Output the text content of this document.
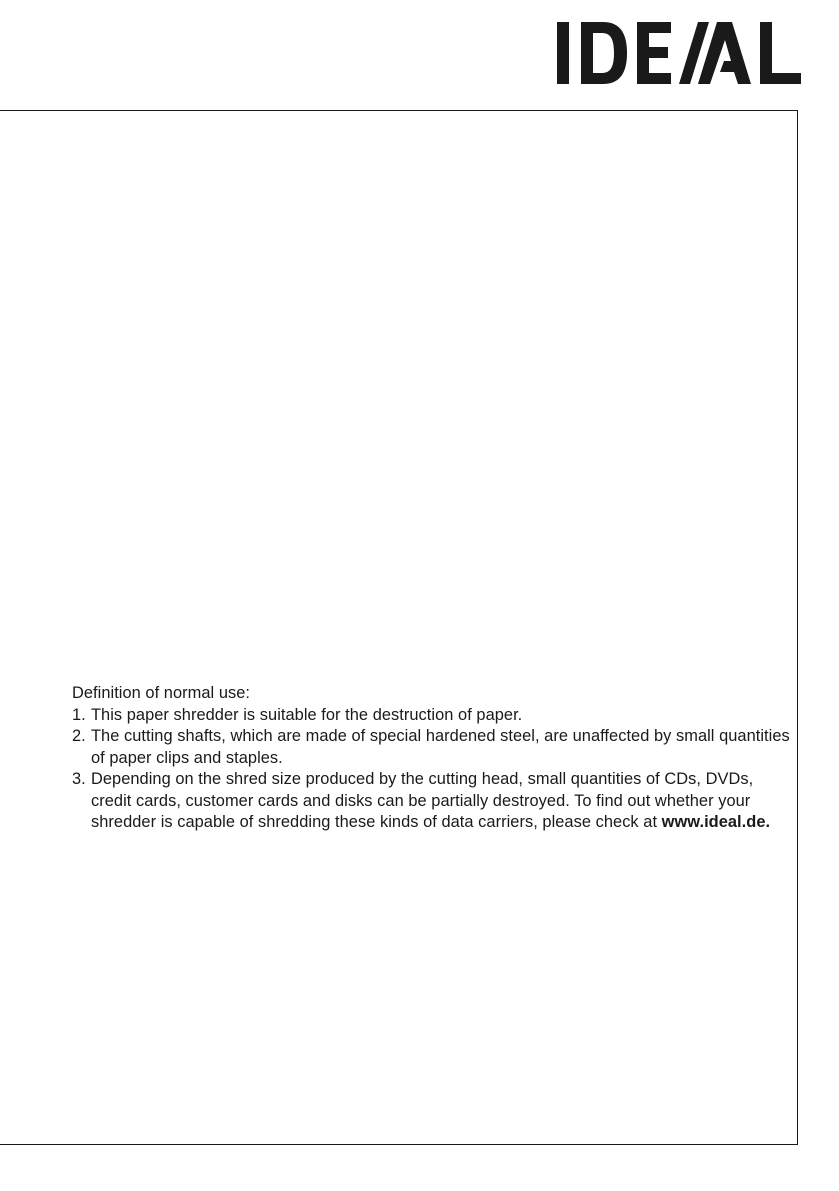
Definition of normal use:

1. This paper shredder is suitable for the destruction of paper.
2. The cutting shafts, which are made of special hardened steel, are unaffected by small quantities of paper clips and staples.
3. Depending on the shred size produced by the cutting head, small quantities of CDs, DVDs, credit cards, customer cards and disks can be partially destroyed. To find out whether your shredder is capable of shredding these kinds of data carriers, please check at www.ideal.de.
